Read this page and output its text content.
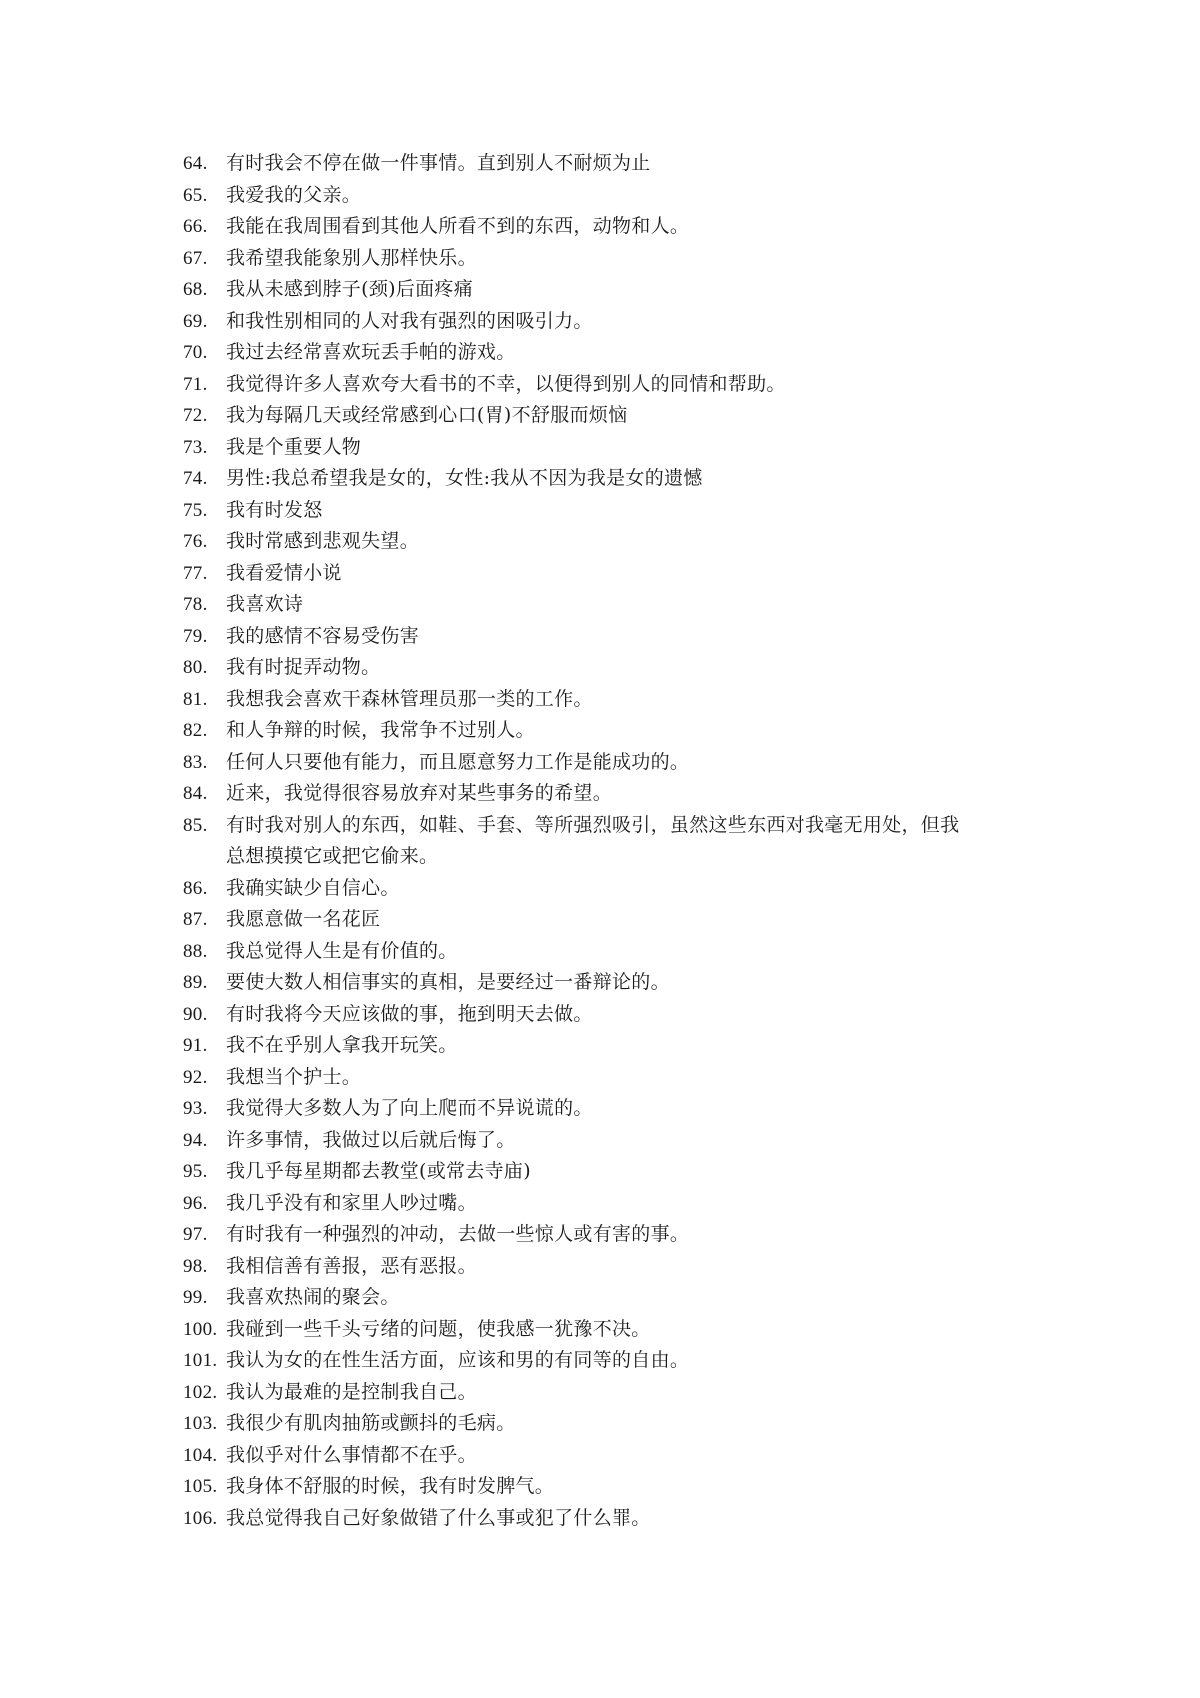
64. 有时我会不停在做一件事情。直到别人不耐烦为止
65. 我爱我的父亲。
66. 我能在我周围看到其他人所看不到的东西，动物和人。
67. 我希望我能象别人那样快乐。
68. 我从未感到脖子(颈)后面疼痛
69. 和我性别相同的人对我有强烈的困吸引力。
70. 我过去经常喜欢玩丢手帕的游戏。
71. 我觉得许多人喜欢夸大看书的不幸，以便得到别人的同情和帮助。
72. 我为每隔几天或经常感到心口(胃)不舒服而烦恼
73. 我是个重要人物
74. 男性:我总希望我是女的，女性:我从不因为我是女的遗憾
75. 我有时发怒
76. 我时常感到悲观失望。
77. 我看爱情小说
78. 我喜欢诗
79. 我的感情不容易受伤害
80. 我有时捉弄动物。
81. 我想我会喜欢干森林管理员那一类的工作。
82. 和人争辩的时候，我常争不过别人。
83. 任何人只要他有能力，而且愿意努力工作是能成功的。
84. 近来，我觉得很容易放弃对某些事务的希望。
85. 有时我对别人的东西，如鞋、手套、等所强烈吸引，虽然这些东西对我毫无用处，但我
总想摸摸它或把它偷来。
86. 我确实缺少自信心。
87. 我愿意做一名花匠
88. 我总觉得人生是有价值的。
89. 要使大数人相信事实的真相，是要经过一番辩论的。
90. 有时我将今天应该做的事，拖到明天去做。
91. 我不在乎别人拿我开玩笑。
92. 我想当个护士。
93. 我觉得大多数人为了向上爬而不异说谎的。
94. 许多事情，我做过以后就后悔了。
95. 我几乎每星期都去教堂(或常去寺庙)
96. 我几乎没有和家里人吵过嘴。
97. 有时我有一种强烈的冲动，去做一些惊人或有害的事。
98. 我相信善有善报，恶有恶报。
99. 我喜欢热闹的聚会。
100. 我碰到一些千头亏绪的问题，使我感一犹豫不决。
101. 我认为女的在性生活方面，应该和男的有同等的自由。
102. 我认为最难的是控制我自己。
103. 我很少有肌肉抽筋或颤抖的毛病。
104. 我似乎对什么事情都不在乎。
105. 我身体不舒服的时候，我有时发脾气。
106. 我总觉得我自己好象做错了什么事或犯了什么罪。
